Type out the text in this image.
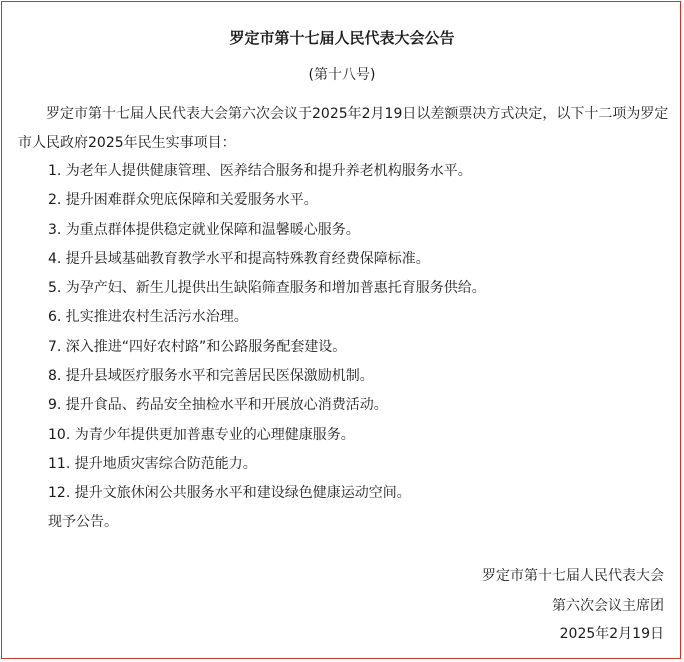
罗定市第十七届人民代表大会公告
(第十八号)

罗定市第十七届人民代表大会第六次会议于2025年2月19日以差额票决方式决定，以下十二项为罗定市人民政府2025年民生实事项目：

1. 为老年人提供健康管理、医养结合服务和提升养老机构服务水平。
2. 提升困难群众兜底保障和关爱服务水平。
3. 为重点群体提供稳定就业保障和温馨暖心服务。
4. 提升县域基础教育教学水平和提高特殊教育经费保障标准。
5. 为孕产妇、新生儿提供出生缺陷筛查服务和增加普惠托育服务供给。
6. 扎实推进农村生活污水治理。
7. 深入推进“四好农村路”和公路服务配套建设。
8. 提升县域医疗服务水平和完善居民医保激励机制。
9. 提升食品、药品安全抽检水平和开展放心消费活动。
10. 为青少年提供更加普惠专业的心理健康服务。
11. 提升地质灾害综合防范能力。
12. 提升文旅休闲公共服务水平和建设绿色健康运动空间。
现予公告。
罗定市第十七届人民代表大会
第六次会议主席团
2025年2月19日
